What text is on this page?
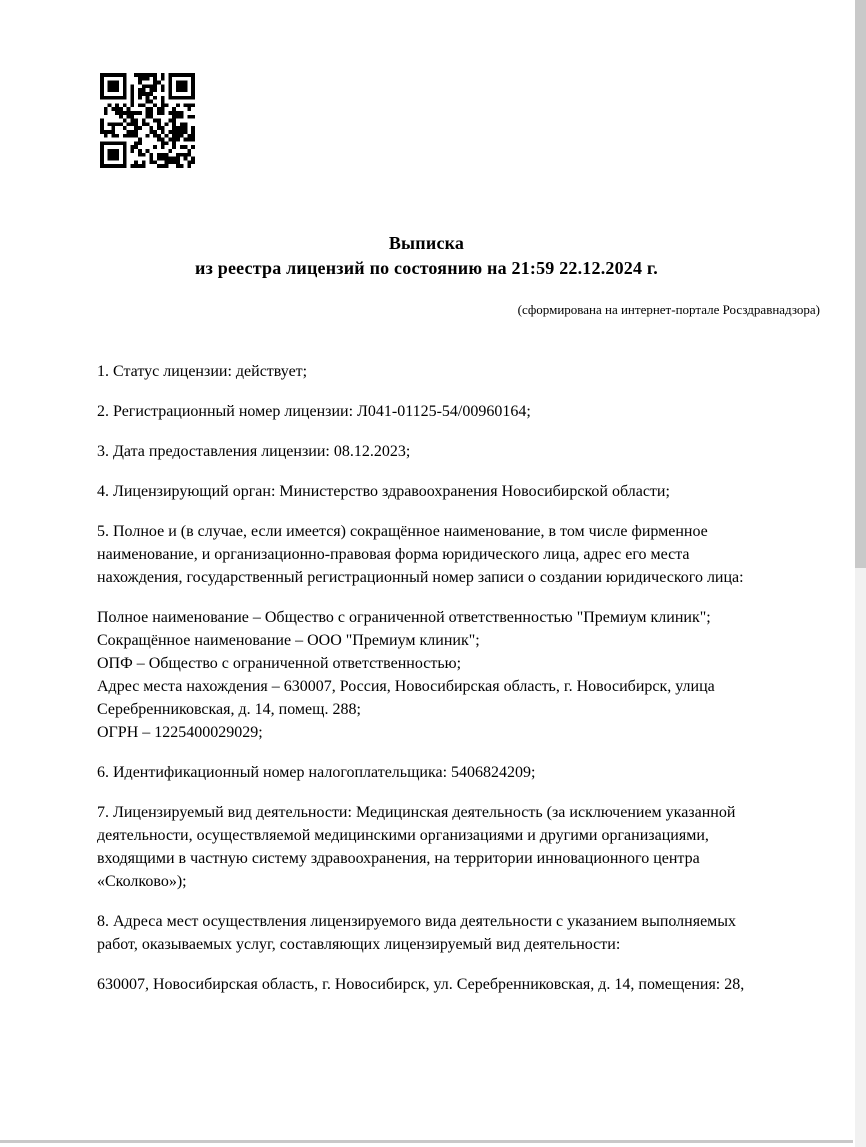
Выписка
из реестра лицензий по состоянию на 21:59 22.12.2024 г.
(сформирована на интернет-портале Росздравнадзора)
1. Статус лицензии: действует;
2. Регистрационный номер лицензии: Л041-01125-54/00960164;
3. Дата предоставления лицензии: 08.12.2023;
4. Лицензирующий орган: Министерство здравоохранения Новосибирской области;
5. Полное и (в случае, если имеется) сокращённое наименование, в том числе фирменное
наименование, и организационно-правовая форма юридического лица, адрес его места
нахождения, государственный регистрационный номер записи о создании юридического лица:
Полное наименование – Общество с ограниченной ответственностью "Премиум клиник";
Сокращённое наименование – ООО "Премиум клиник";
ОПФ – Общество с ограниченной ответственностью;
Адрес места нахождения – 630007, Россия, Новосибирская область, г. Новосибирск, улица
Серебренниковская, д. 14, помещ. 288;
ОГРН – 1225400029029;
6. Идентификационный номер налогоплательщика: 5406824209;
7. Лицензируемый вид деятельности: Медицинская деятельность (за исключением указанной
деятельности, осуществляемой медицинскими организациями и другими организациями,
входящими в частную систему здравоохранения, на территории инновационного центра
«Сколково»);
8. Адреса мест осуществления лицензируемого вида деятельности с указанием выполняемых
работ, оказываемых услуг, составляющих лицензируемый вид деятельности:
630007, Новосибирская область, г. Новосибирск, ул. Серебренниковская, д. 14, помещения: 28,
